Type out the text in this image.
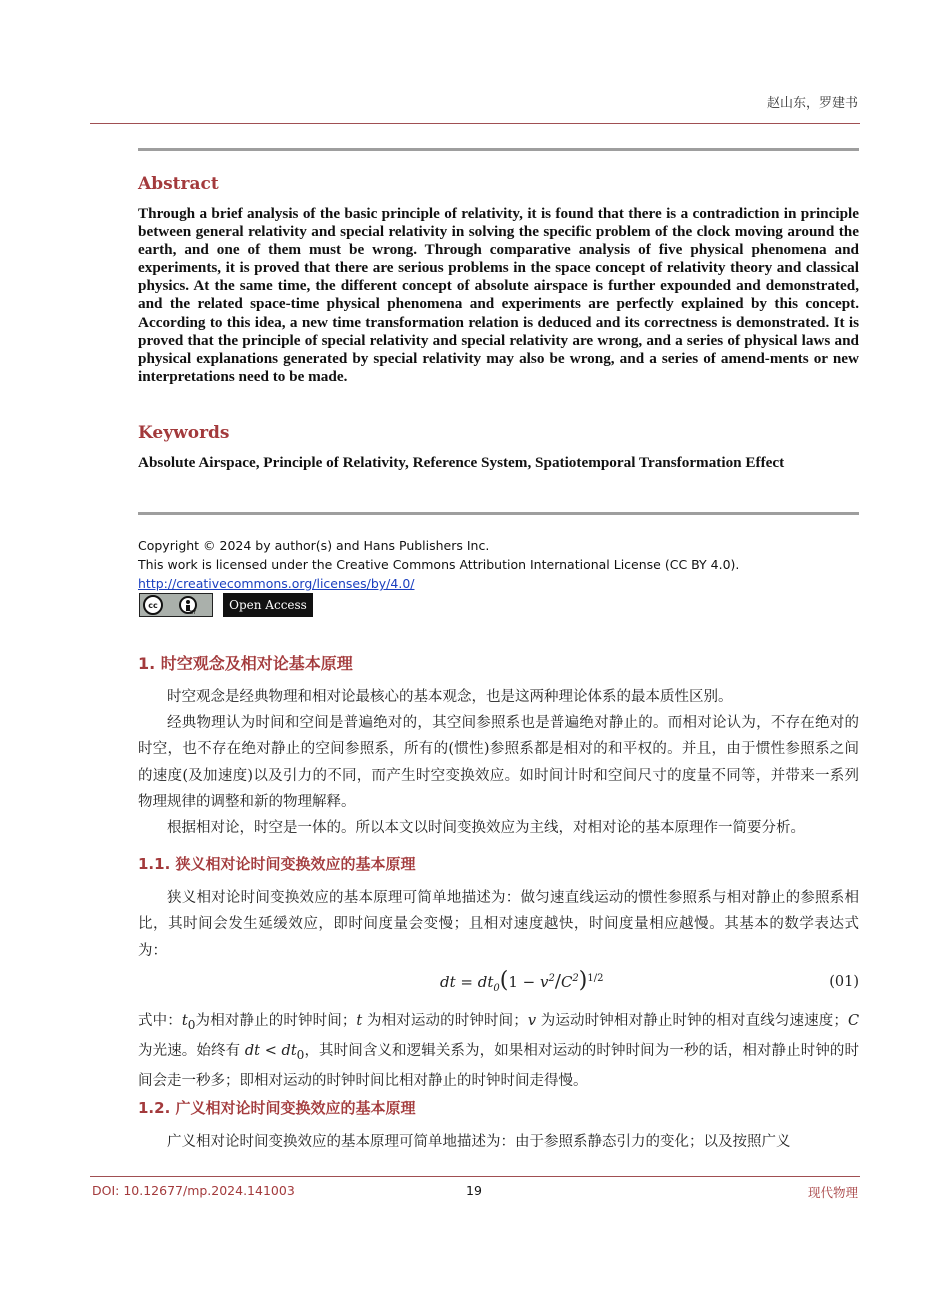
赵山东，罗建书
Abstract
Through a brief analysis of the basic principle of relativity, it is found that there is a contradiction in principle between general relativity and special relativity in solving the specific problem of the clock moving around the earth, and one of them must be wrong. Through comparative analysis of five physical phenomena and experiments, it is proved that there are serious problems in the space concept of relativity theory and classical physics. At the same time, the different concept of absolute airspace is further expounded and demonstrated, and the related space-time physical phenomena and experiments are perfectly explained by this concept. According to this idea, a new time transformation relation is deduced and its correctness is demonstrated. It is proved that the principle of special relativity and special relativity are wrong, and a series of physical laws and physical explanations generated by special relativity may also be wrong, and a series of amend-ments or new interpretations need to be made.
Keywords
Absolute Airspace, Principle of Relativity, Reference System, Spatiotemporal Transformation Effect
Copyright © 2024 by author(s) and Hans Publishers Inc.
This work is licensed under the Creative Commons Attribution International License (CC BY 4.0).
http://creativecommons.org/licenses/by/4.0/
cc
BY
Open Access
1. 时空观念及相对论基本原理
时空观念是经典物理和相对论最核心的基本观念，也是这两种理论体系的最本质性区别。
经典物理认为时间和空间是普遍绝对的，其空间参照系也是普遍绝对静止的。而相对论认为，不存在绝对的时空，也不存在绝对静止的空间参照系，所有的(惯性)参照系都是相对的和平权的。并且，由于惯性参照系之间的速度(及加速度)以及引力的不同，而产生时空变换效应。如时间计时和空间尺寸的度量不同等，并带来一系列物理规律的调整和新的物理解释。
根据相对论，时空是一体的。所以本文以时间变换效应为主线，对相对论的基本原理作一简要分析。
1.1. 狭义相对论时间变换效应的基本原理
狭义相对论时间变换效应的基本原理可简单地描述为：做匀速直线运动的惯性参照系与相对静止的参照系相比，其时间会发生延缓效应，即时间度量会变慢；且相对速度越快，时间度量相应越慢。其基本的数学表达式为：
dt = $dt_0(1 - v^2/C^2)^{1/2}$	(01)
式中：$t_0$为相对静止的时钟时间；t 为相对运动的时钟时间；v 为运动时钟相对静止时钟的相对直线匀速速度；C 为光速。始终有 dt < $dt_0$，其时间含义和逻辑关系为，如果相对运动的时钟时间为一秒的话，相对静止时钟的时间会走一秒多；即相对运动的时钟时间比相对静止的时钟时间走得慢。
1.2. 广义相对论时间变换效应的基本原理
广义相对论时间变换效应的基本原理可简单地描述为：由于参照系静态引力的变化；以及按照广义
DOI: 10.12677/mp.2024.141003	19	现代物理
